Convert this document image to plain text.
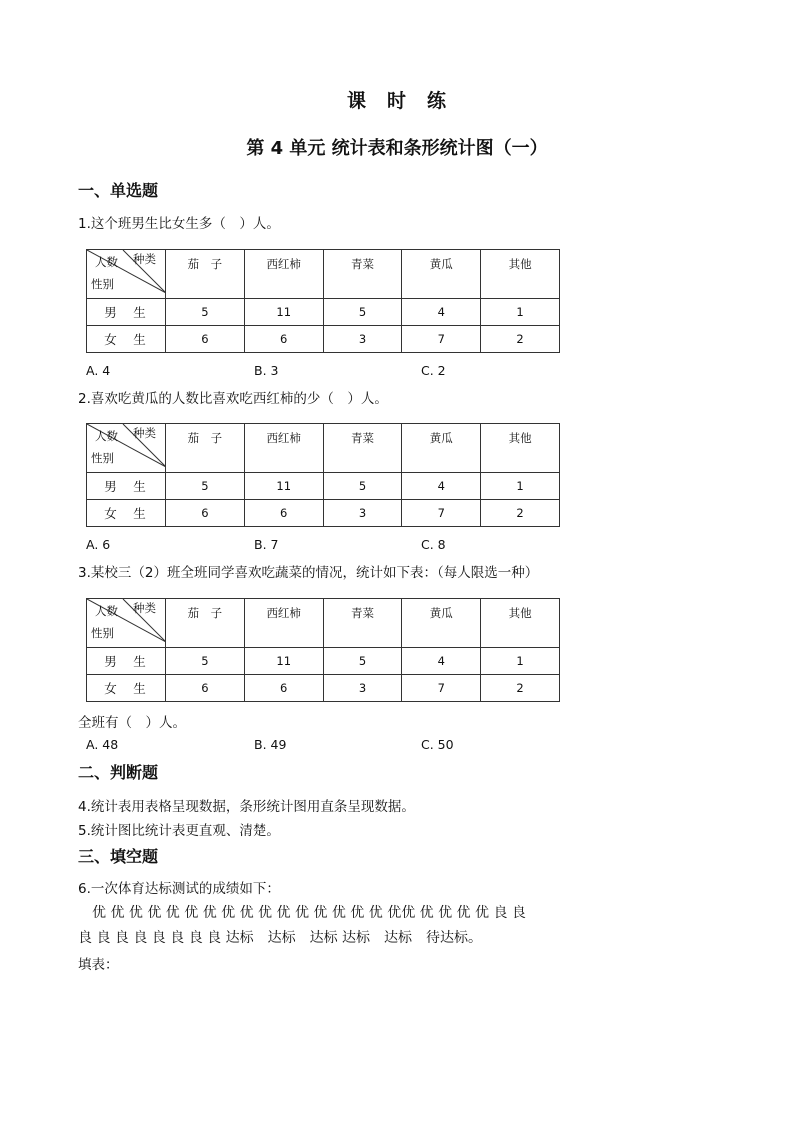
课　时　练
第 4 单元 统计表和条形统计图（一）
一、单选题
1.这个班男生比女生多（　）人。
人数 种类
性别	茄　子	西红柿	青菜	黄瓜	其他
男　生	5	11	5	4	1
女　生	6	6	3	7	2
A. 4	B. 3	C. 2
2.喜欢吃黄瓜的人数比喜欢吃西红柿的少（　）人。
人数 种类
性别	茄　子	西红柿	青菜	黄瓜	其他
男　生	5	11	5	4	1
女　生	6	6	3	7	2
A. 6	B. 7	C. 8
3.某校三（2）班全班同学喜欢吃蔬菜的情况，统计如下表：（每人限选一种）
人数 种类
性别	茄　子	西红柿	青菜	黄瓜	其他
男　生	5	11	5	4	1
女　生	6	6	3	7	2
全班有（　）人。
A. 48	B. 49	C. 50
二、判断题
4.统计表用表格呈现数据，条形统计图用直条呈现数据。
5.统计图比统计表更直观、清楚。
三、填空题
6.一次体育达标测试的成绩如下：
　优 优 优 优 优 优 优 优 优 优 优 优 优 优 优 优 优优 优 优 优 优 良 良
良 良 良 良 良 良 良 良 达标　达标　达标 达标　达标　待达标。
填表：
